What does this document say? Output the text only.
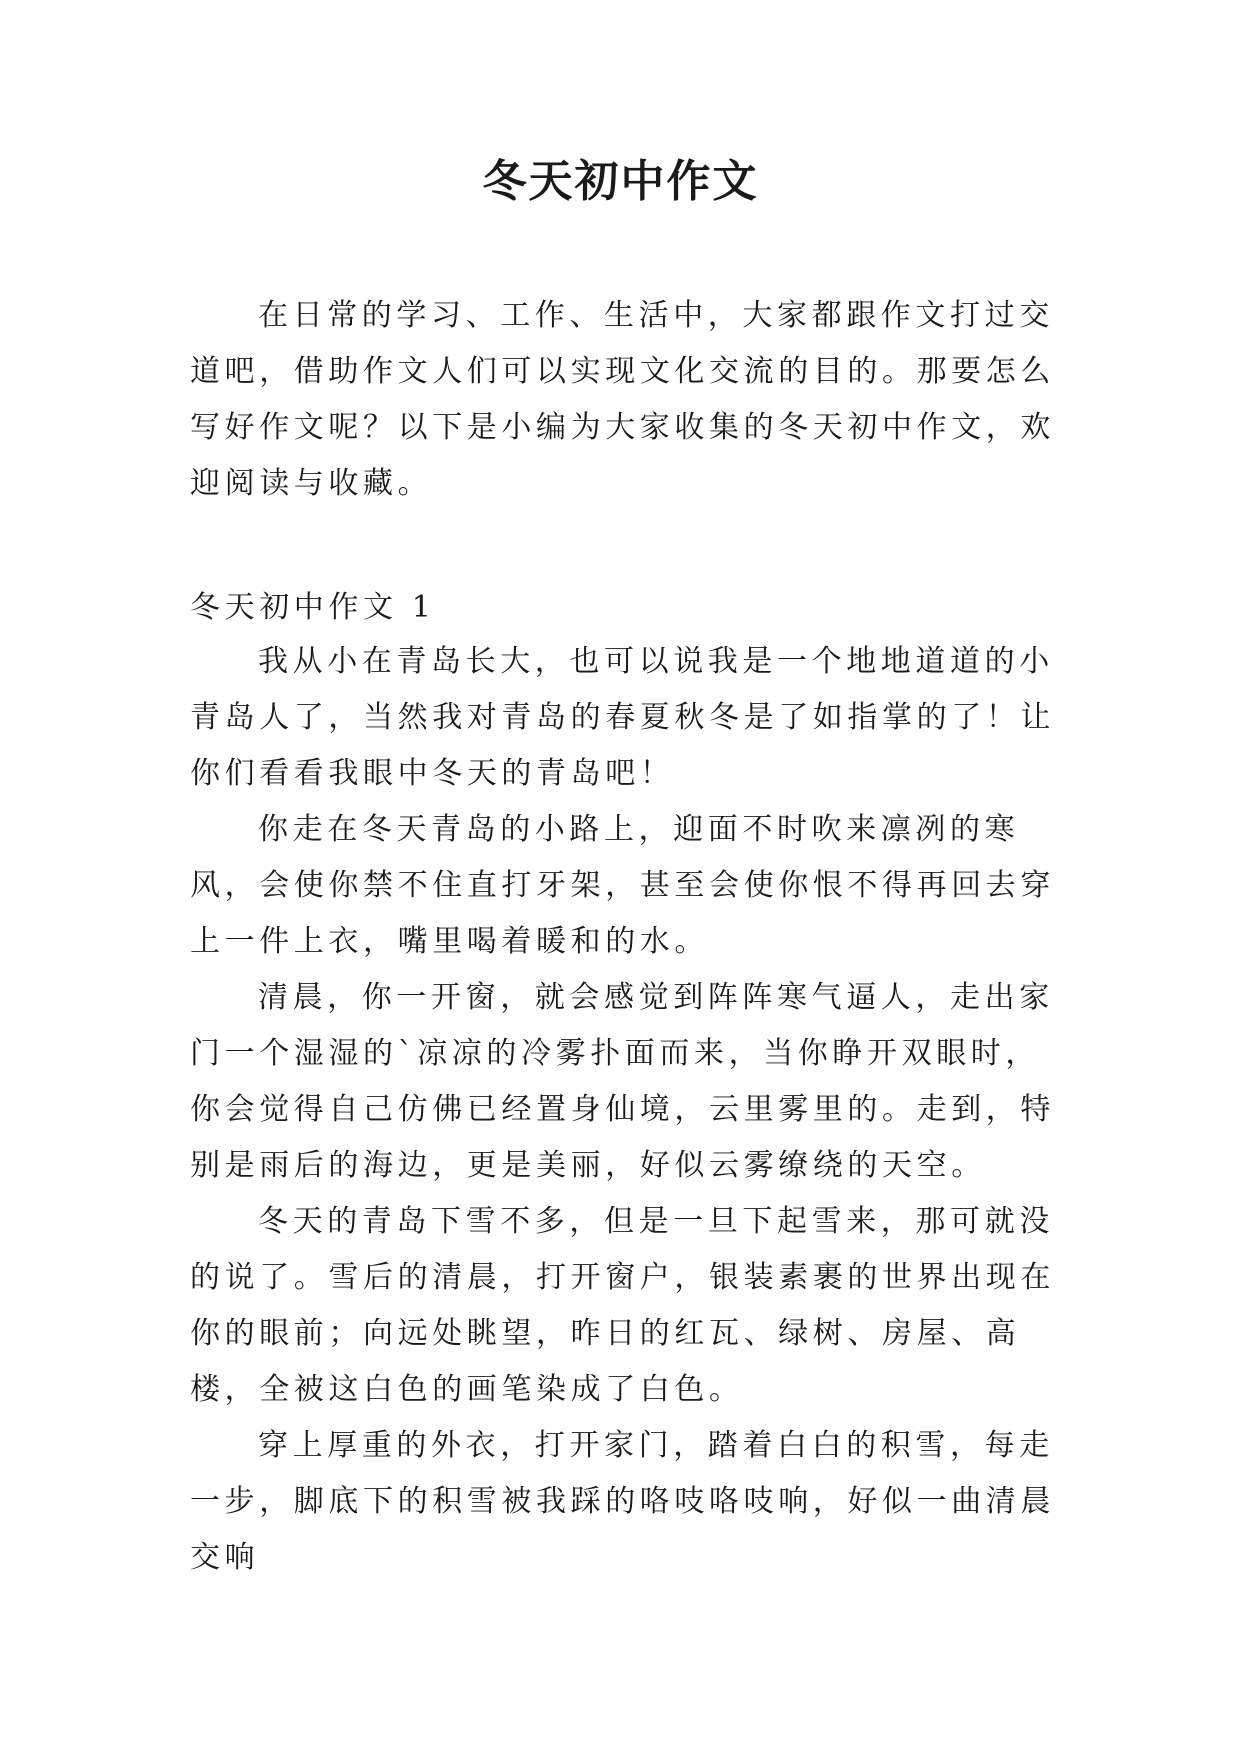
冬天初中作文

在日常的学习、工作、生活中，大家都跟作文打过交道吧，借助作文人们可以实现文化交流的目的。那要怎么写好作文呢？以下是小编为大家收集的冬天初中作文，欢迎阅读与收藏。

冬天初中作文 1

我从小在青岛长大，也可以说我是一个地地道道的小青岛人了，当然我对青岛的春夏秋冬是了如指掌的了！让你们看看我眼中冬天的青岛吧！

你走在冬天青岛的小路上，迎面不时吹来凛冽的寒风，会使你禁不住直打牙架，甚至会使你恨不得再回去穿上一件上衣，嘴里喝着暖和的水。

清晨，你一开窗，就会感觉到阵阵寒气逼人，走出家门一个湿湿的`凉凉的冷雾扑面而来，当你睁开双眼时，你会觉得自己仿佛已经置身仙境，云里雾里的。走到，特别是雨后的海边，更是美丽，好似云雾缭绕的天空。

冬天的青岛下雪不多，但是一旦下起雪来，那可就没的说了。雪后的清晨，打开窗户，银装素裹的世界出现在你的眼前；向远处眺望，昨日的红瓦、绿树、房屋、高楼，全被这白色的画笔染成了白色。

穿上厚重的外衣，打开家门，踏着白白的积雪，每走一步，脚底下的积雪被我踩的咯吱咯吱响，好似一曲清晨交响
